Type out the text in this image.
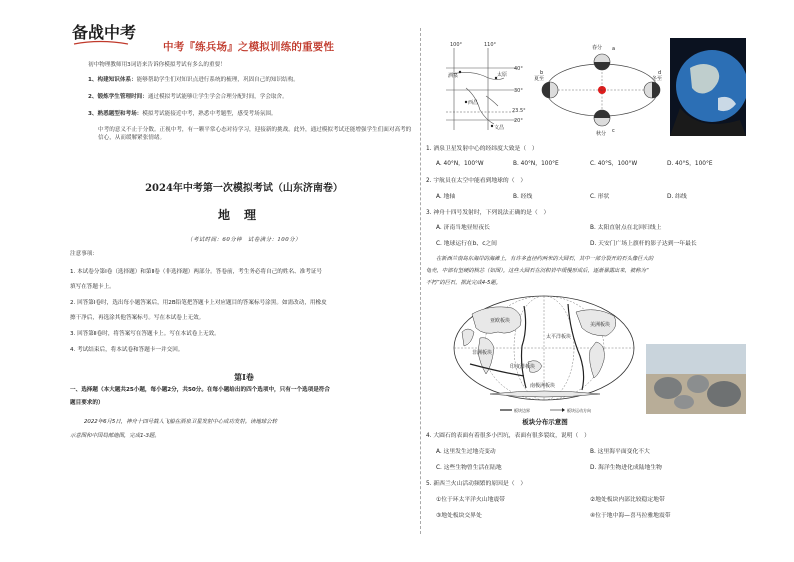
备战中考
中考『练兵场』之模拟训练的重要性
初中物理教师用3词语来告诉你模拟考试有多么的重要！
1、构建知识体系：能够帮助学生们对知识点进行系统的梳理，巩固自己的知识结构。
2、锻炼学生管理时间：通过模拟考试能够让学生学会合理分配时间，学会取舍。
3、熟悉题型和考场：模拟考试能接近中考，熟悉中考题型，感受考场氛围。
中考的意义不止于分数。正视中考，有一颗平常心态对待学习，迎接新的挑战。此外，通过模拟考试还能增强学生们面对高考的信心，从而缓解紧张情绪。
2024年中考第一次模拟考试（山东济南卷）
地理
（考试时间：60分钟　试卷满分：100分）
注意事项：
1. 本试卷分第Ⅰ卷（选择题）和第Ⅱ卷（非选择题）两部分。答卷前，考生务必将自己的姓名、准考证号
填写在答题卡上。
2. 回答第Ⅰ卷时，选出每小题答案后，用2B铅笔把答题卡上对应题目的答案标号涂黑。如需改动，用橡皮
擦干净后，再选涂其他答案标号。写在本试卷上无效。
3. 回答第Ⅱ卷时，将答案写在答题卡上。写在本试卷上无效。
4. 考试结束后，将本试卷和答题卡一并交回。
第Ⅰ卷
一、选择题（本大题共25小题，每小题2分，共50分。在每小题给出的四个选项中，只有一个选项是符合
题目要求的）
2022年6月5日，神舟十四号载人飞船在酒泉卫星发射中心成功发射。读地球公转
示意图和中国局部地图，完成1-3题。
100°	110°
40°
30°
23.5°
20°
酒泉	太原
西昌
文昌
春分
夏至
秋分
冬至
a
b
c
d
1. 酒泉卫星发射中心的经纬度大致是（　）
A. 40°N，100°W	B. 40°N，100°E	C. 40°S，100°W	D. 40°S，100°E
2. 宇航员在太空中能看到地球的（　）
A. 地轴	B. 经线	C. 形状	D. 纬线
3. 神舟十四号发射时，下列说法正确的是（　）
A. 济南当地昼短夜长	B. 太阳直射点在北回归线上
C. 地球运行在b、c之间	D. 天安门广场上旗杆的影子达到一年最长
在新西兰南岛东海岸的海滩上，有许多直径约两米的大圆石，其中一部分裂开的石头像巨大的
龟壳，中部有坚硬的核芯（如图）。这些大圆石在沉积岩中缓慢形成后，逐渐暴露出来，被称为“
不朽”的巨石，据此完成4-5题。
亚欧板块
太平洋板块
美洲板块
非洲板块
印度洋板块
南极洲板块
板块边界	板块运动方向
板块分布示意图
4. 大圆石的表面有着很多小凹坑，表面有很多裂纹，说明（　）
A. 这里发生过地壳变动	B. 这里海平面变化不大
C. 这些生物曾生活在陆地	D. 海洋生物进化成陆地生物
5. 新西兰火山活动频繁的原因是（　）
①位于环太平洋火山地震带	②地处板块内部比较稳定地带
③地处板块交界处	④位于地中海—喜马拉雅地震带
